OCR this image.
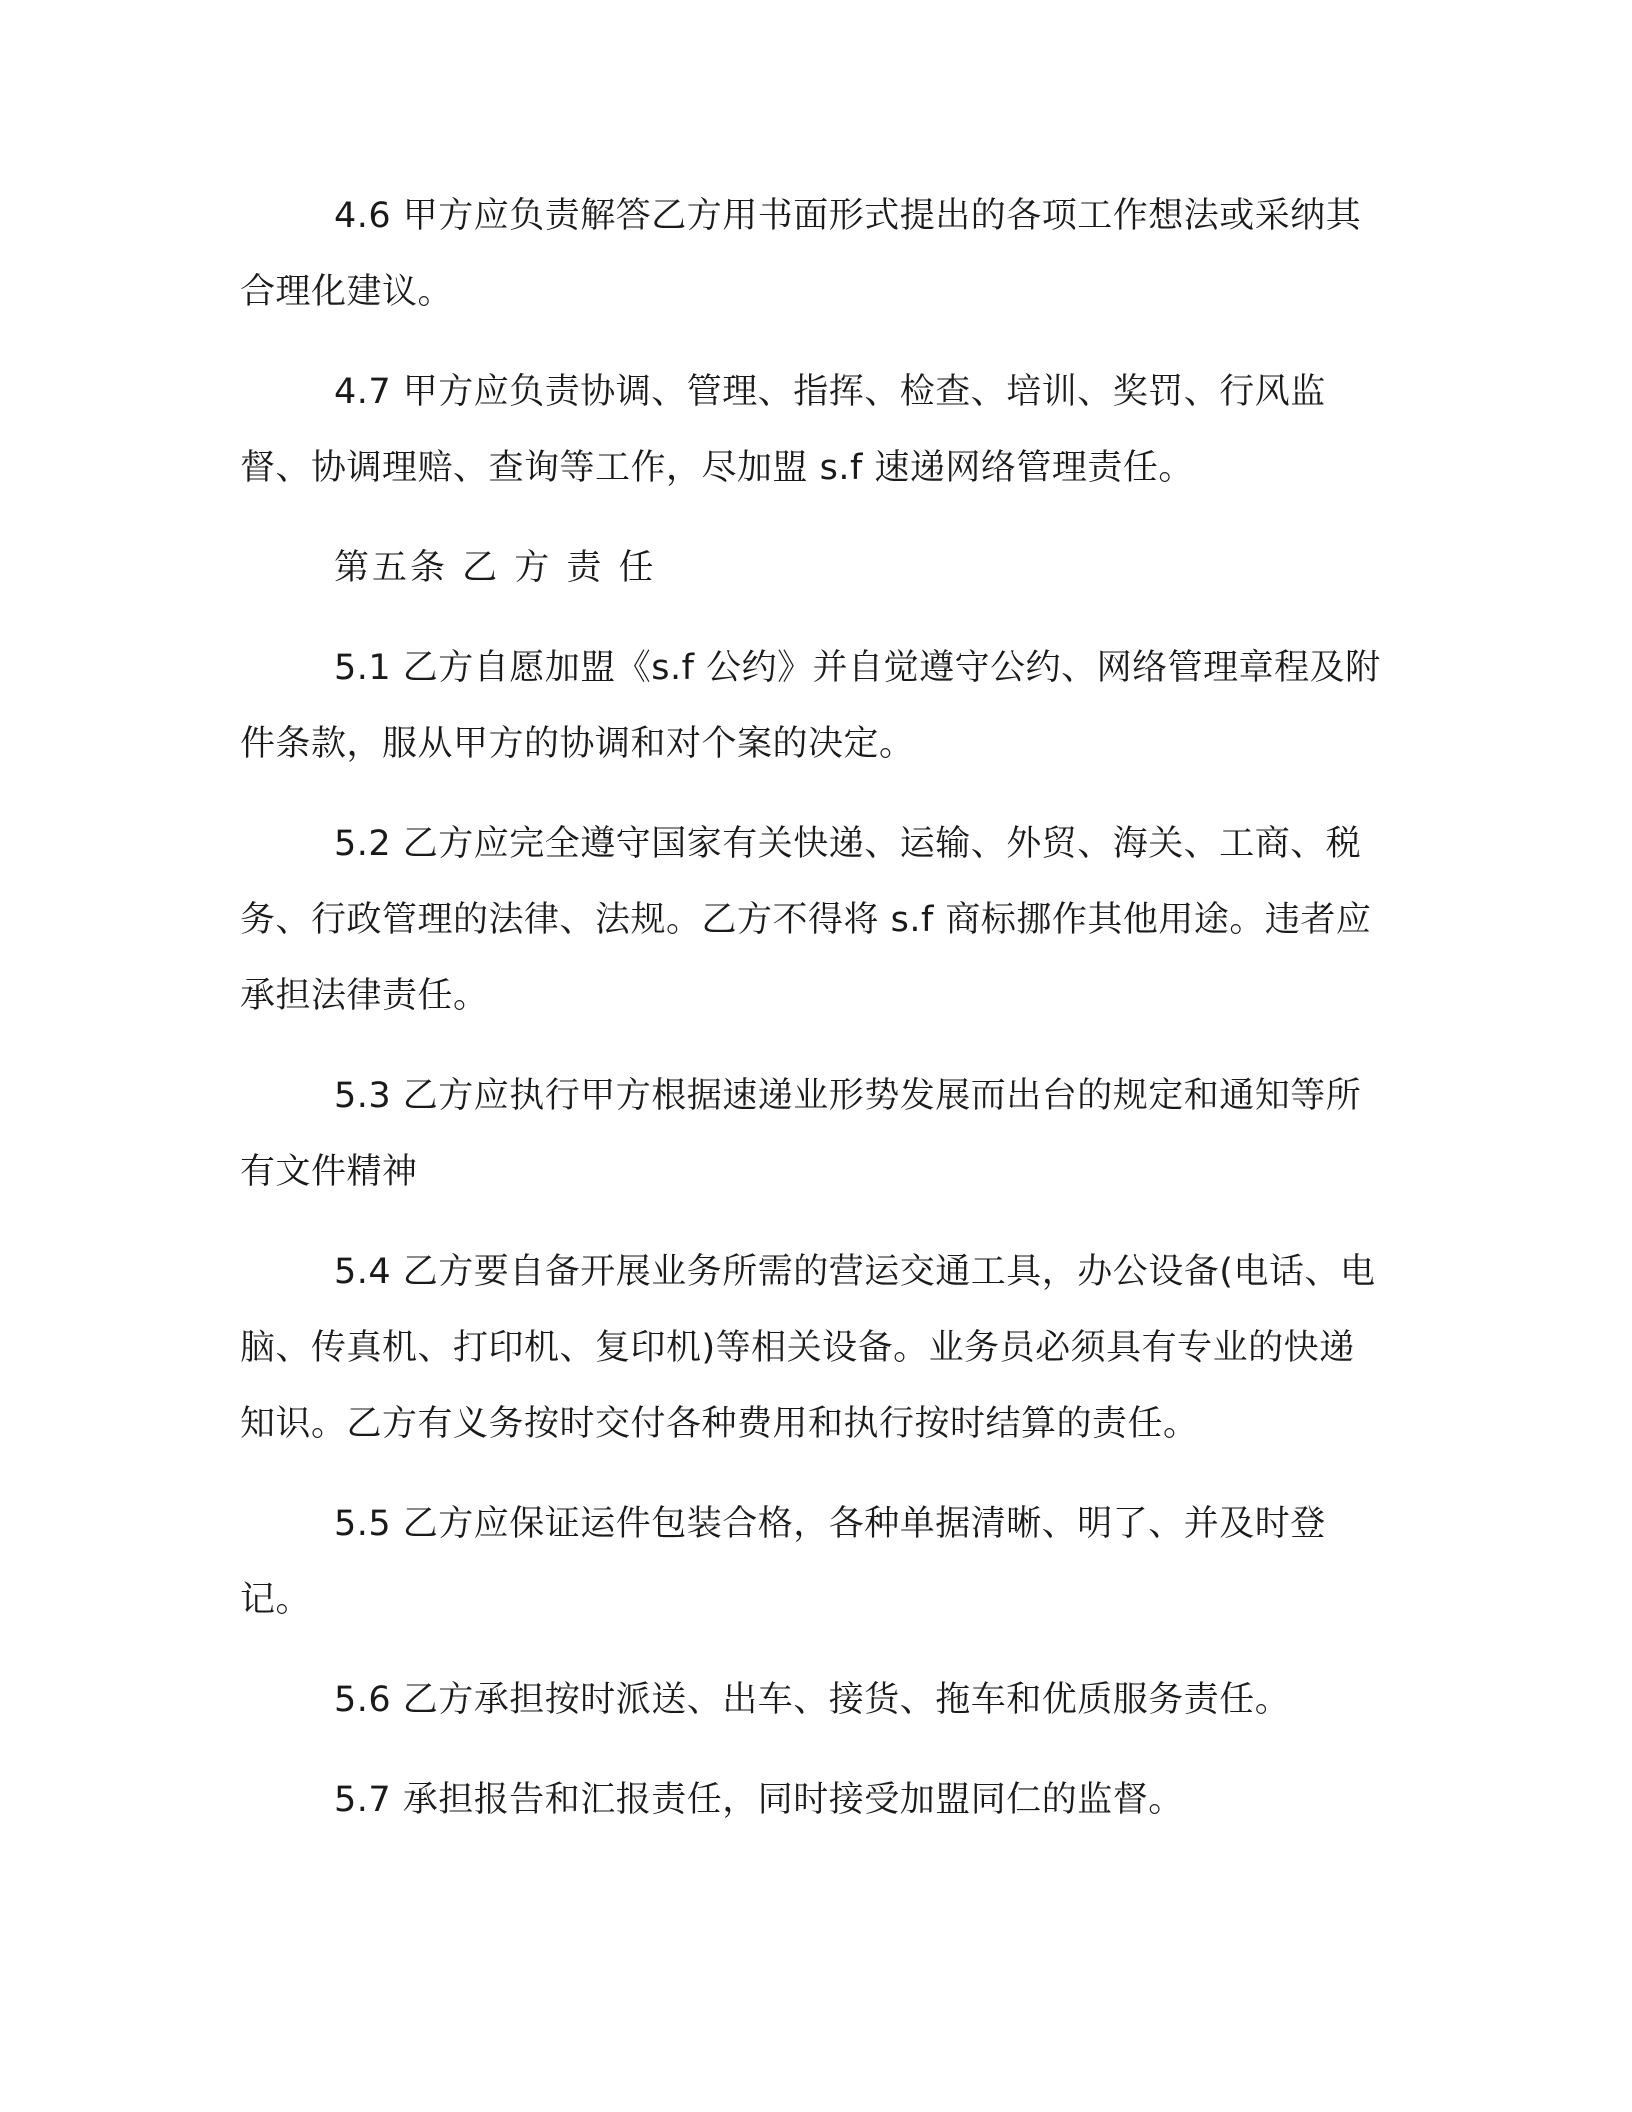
4.6 甲方应负责解答乙方用书面形式提出的各项工作想法或采纳其合理化建议。

4.7 甲方应负责协调、管理、指挥、检查、培训、奖罚、行风监督、协调理赔、查询等工作，尽加盟 s.f 速递网络管理责任。

第五条 乙 方 责 任

5.1 乙方自愿加盟《s.f 公约》并自觉遵守公约、网络管理章程及附件条款，服从甲方的协调和对个案的决定。

5.2 乙方应完全遵守国家有关快递、运输、外贸、海关、工商、税务、行政管理的法律、法规。乙方不得将 s.f 商标挪作其他用途。违者应承担法律责任。

5.3 乙方应执行甲方根据速递业形势发展而出台的规定和通知等所有文件精神

5.4 乙方要自备开展业务所需的营运交通工具，办公设备(电话、电脑、传真机、打印机、复印机)等相关设备。业务员必须具有专业的快递知识。乙方有义务按时交付各种费用和执行按时结算的责任。

5.5 乙方应保证运件包装合格，各种单据清晰、明了、并及时登记。

5.6 乙方承担按时派送、出车、接货、拖车和优质服务责任。

5.7 承担报告和汇报责任，同时接受加盟同仁的监督。
